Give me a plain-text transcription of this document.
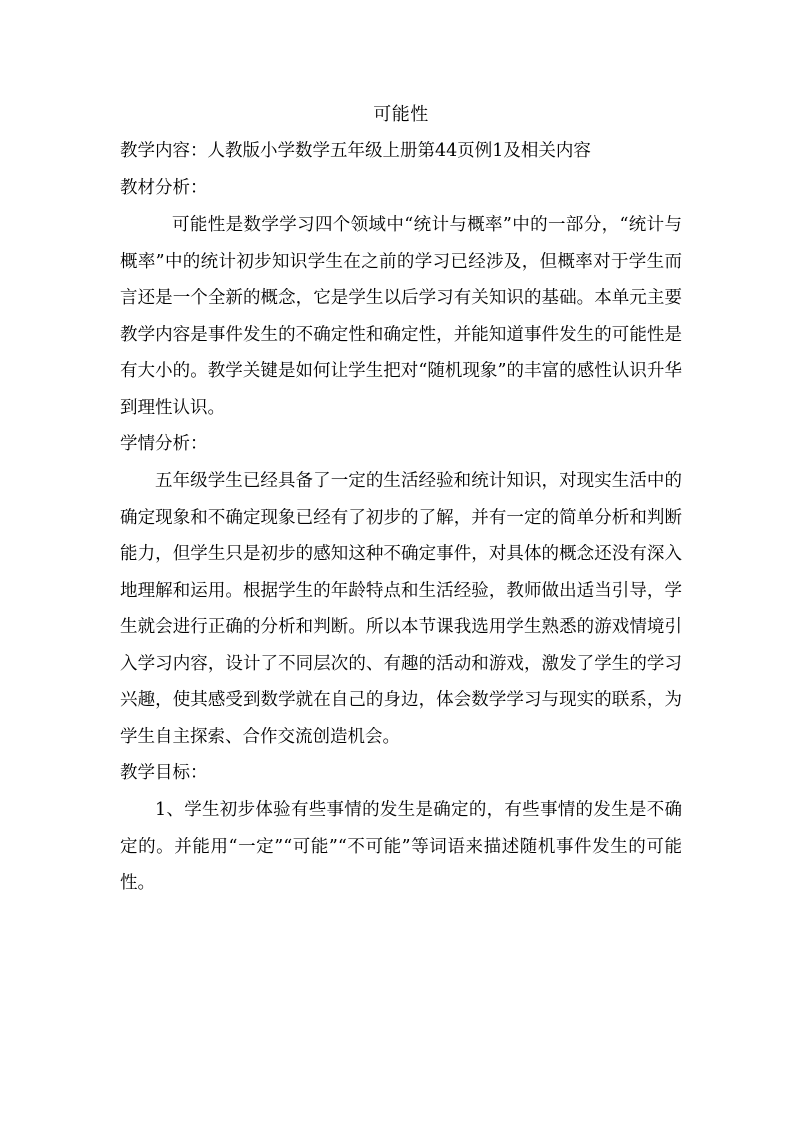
可能性

教学内容：人教版小学数学五年级上册第44页例1及相关内容

教材分析：

可能性是数学学习四个领域中“统计与概率”中的一部分，“统计与概率”中的统计初步知识学生在之前的学习已经涉及，但概率对于学生而言还是一个全新的概念，它是学生以后学习有关知识的基础。本单元主要教学内容是事件发生的不确定性和确定性，并能知道事件发生的可能性是有大小的。教学关键是如何让学生把对“随机现象”的丰富的感性认识升华到理性认识。

学情分析：

五年级学生已经具备了一定的生活经验和统计知识，对现实生活中的确定现象和不确定现象已经有了初步的了解，并有一定的简单分析和判断能力，但学生只是初步的感知这种不确定事件，对具体的概念还没有深入地理解和运用。根据学生的年龄特点和生活经验，教师做出适当引导，学生就会进行正确的分析和判断。所以本节课我选用学生熟悉的游戏情境引入学习内容，设计了不同层次的、有趣的活动和游戏，激发了学生的学习兴趣，使其感受到数学就在自己的身边，体会数学学习与现实的联系，为学生自主探索、合作交流创造机会。

教学目标：

1、学生初步体验有些事情的发生是确定的，有些事情的发生是不确定的。并能用“一定”“可能”“不可能”等词语来描述随机事件发生的可能性。
